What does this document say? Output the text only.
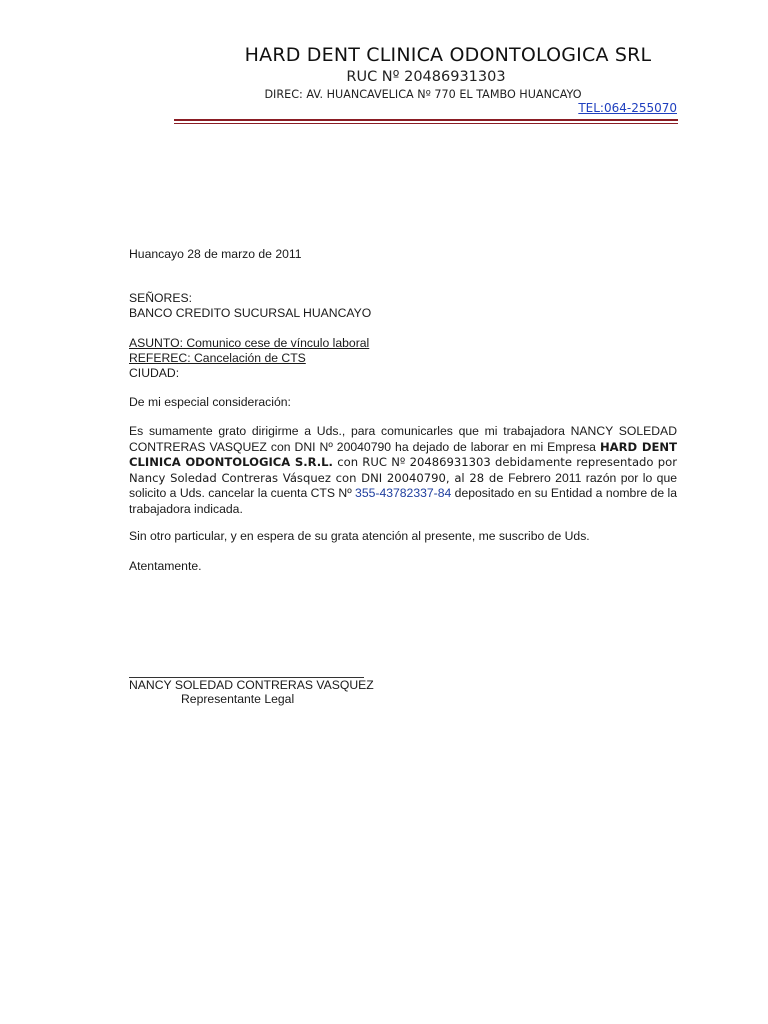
HARD DENT CLINICA ODONTOLOGICA SRL
RUC Nº 20486931303
DIREC: AV. HUANCAVELICA Nº 770 EL TAMBO HUANCAYO
TEL:064-255070
Huancayo 28 de marzo de 2011
SEÑORES:
BANCO CREDITO SUCURSAL HUANCAYO
ASUNTO: Comunico cese de vínculo laboral
REFEREC: Cancelación de CTS
CIUDAD:
De mi especial consideración:
Es sumamente grato dirigirme a Uds., para comunicarles que mi trabajadora NANCY SOLEDAD CONTRERAS VASQUEZ con DNI Nº 20040790 ha dejado de laborar en mi Empresa HARD DENT CLINICA ODONTOLOGICA S.R.L. con RUC Nº 20486931303 debidamente representado por Nancy Soledad Contreras Vásquez con DNI 20040790, al 28 de Febrero 2011 razón por lo que solicito a Uds. cancelar la cuenta CTS Nº 355-43782337-84 depositado en su Entidad a nombre de la trabajadora indicada.
Sin otro particular, y en espera de su grata atención al presente, me suscribo de Uds.
Atentamente.
NANCY SOLEDAD CONTRERAS VASQUEZ
Representante Legal
